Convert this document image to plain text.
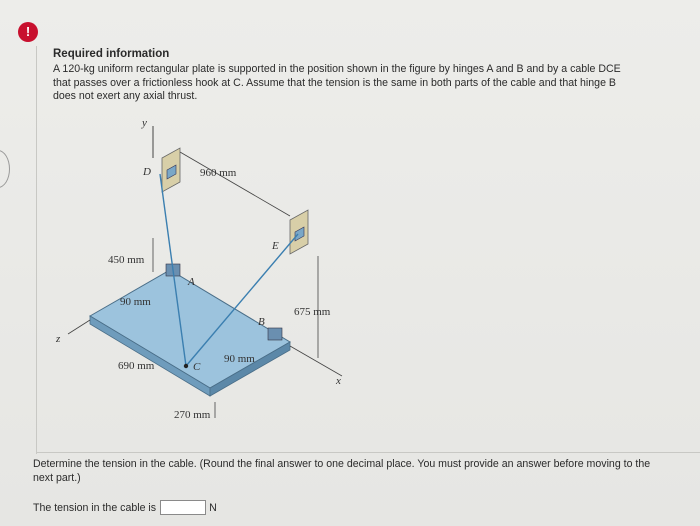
!
Required information

A 120-kg uniform rectangular plate is supported in the position shown in the figure by hinges A and B and by a cable DCE

that passes over a frictionless hook at C. Assume that the tension is the same in both parts of the cable and that hinge B

does not exert any axial thrust.

y
960 mm
D
E
450 mm
A
B
C
675 mm
x
z
90 mm
690 mm
90 mm
270 mm

Determine the tension in the cable. (Round the final answer to one decimal place. You must provide an answer before moving to the

next part.)

The tension in the cable is	N
